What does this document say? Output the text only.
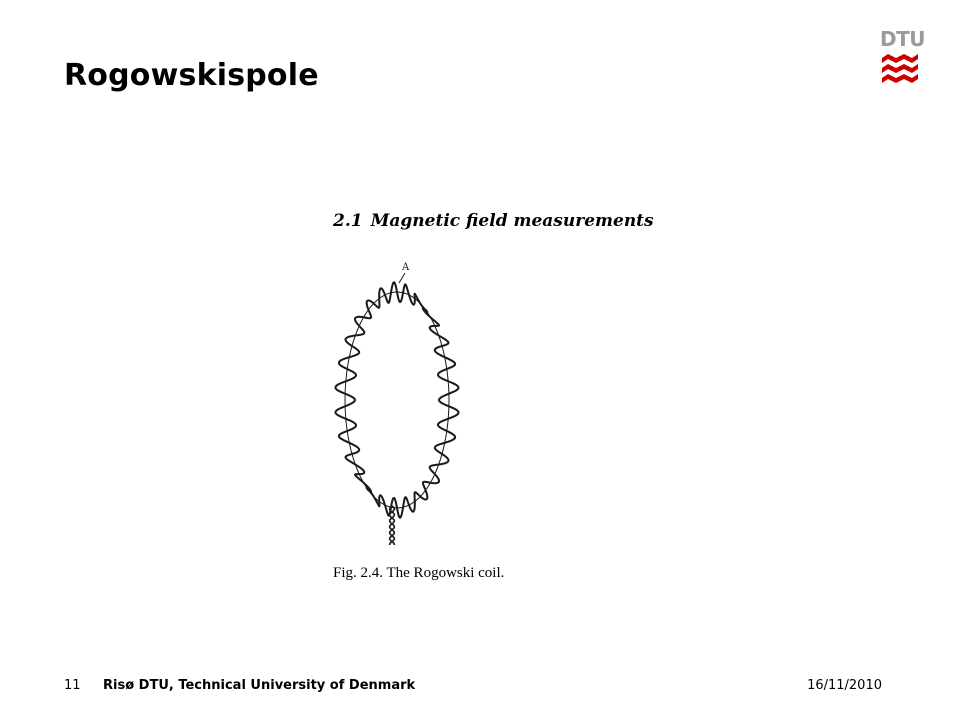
Rogowskispole
DTU
2.1 Magnetic field measurements
A
Fig. 2.4. The Rogowski coil.
11 Risø DTU, Technical University of Denmark	16/11/2010
